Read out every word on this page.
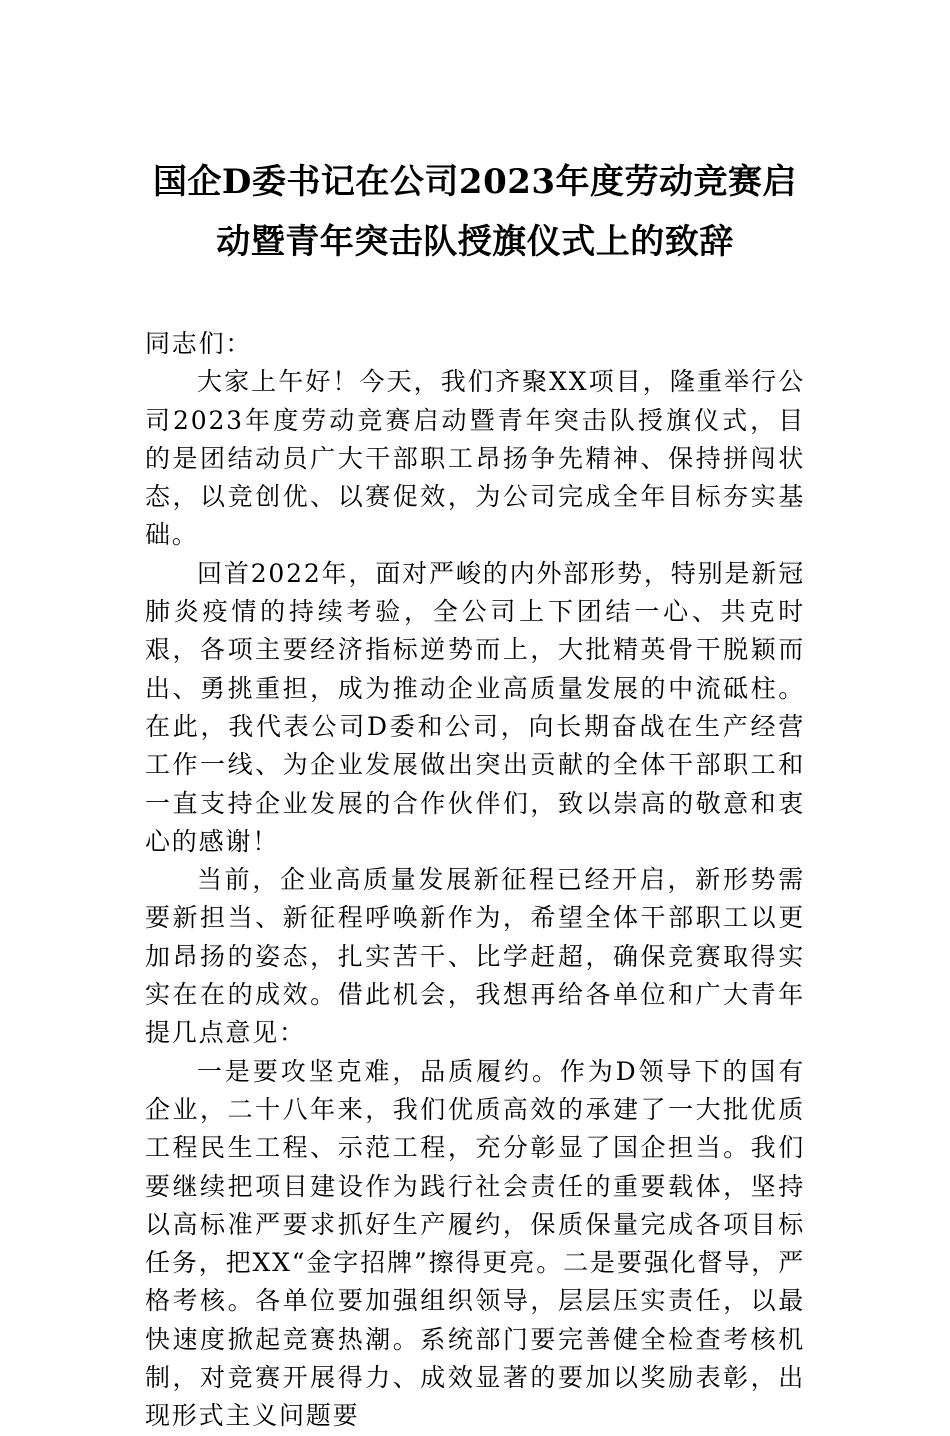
国企D委书记在公司2023年度劳动竞赛启
动暨青年突击队授旗仪式上的致辞

同志们：

大家上午好！今天，我们齐聚XX项目，隆重举行公司2023年度劳动竞赛启动暨青年突击队授旗仪式，目的是团结动员广大干部职工昂扬争先精神、保持拼闯状态，以竞创优、以赛促效，为公司完成全年目标夯实基础。

回首2022年，面对严峻的内外部形势，特别是新冠肺炎疫情的持续考验，全公司上下团结一心、共克时艰，各项主要经济指标逆势而上，大批精英骨干脱颖而出、勇挑重担，成为推动企业高质量发展的中流砥柱。在此，我代表公司D委和公司，向长期奋战在生产经营工作一线、为企业发展做出突出贡献的全体干部职工和一直支持企业发展的合作伙伴们，致以崇高的敬意和衷心的感谢！

当前，企业高质量发展新征程已经开启，新形势需要新担当、新征程呼唤新作为，希望全体干部职工以更加昂扬的姿态，扎实苦干、比学赶超，确保竞赛取得实实在在的成效。借此机会，我想再给各单位和广大青年提几点意见：

一是要攻坚克难，品质履约。作为D领导下的国有企业，二十八年来，我们优质高效的承建了一大批优质工程民生工程、示范工程，充分彰显了国企担当。我们要继续把项目建设作为践行社会责任的重要载体，坚持以高标准严要求抓好生产履约，保质保量完成各项目标任务，把XX“金字招牌”擦得更亮。二是要强化督导，严格考核。各单位要加强组织领导，层层压实责任，以最快速度掀起竞赛热潮。系统部门要完善健全检查考核机制，对竞赛开展得力、成效显著的要加以奖励表彰，出现形式主义问题要
